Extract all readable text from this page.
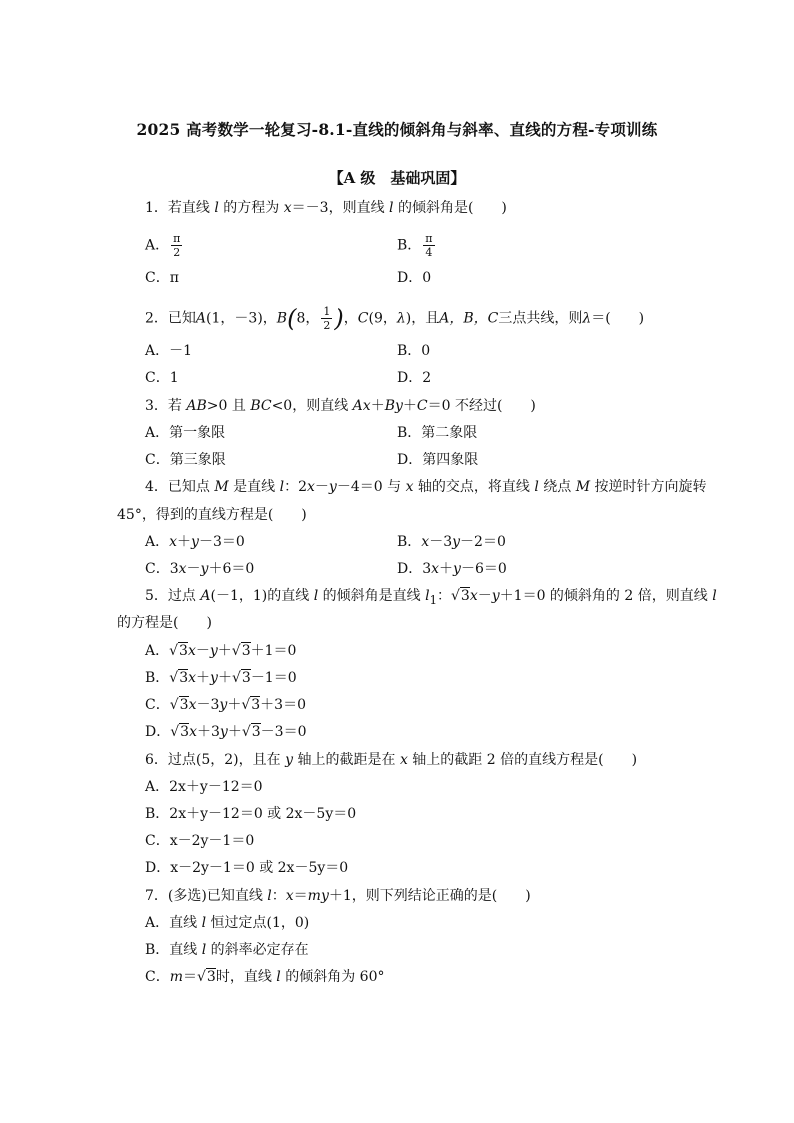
2025 高考数学一轮复习-8.1-直线的倾斜角与斜率、直线的方程-专项训练
【A 级　基础巩固】
1．若直线 l 的方程为 x＝－3，则直线 l 的倾斜角是(　　)
A． $\frac{\pi}{2}$	B． $\frac{\pi}{4}$
C．π	D．0
2．已知A(1，－3)，B(8， $\frac{1}{2}$ )，C(9，λ)，且A，B，C三点共线，则λ＝(　　)
A．－1	B．0
C．1	D．2
3．若 AB>0 且 BC<0，则直线 Ax＋By＋C＝0 不经过(　　)
A．第一象限	B．第二象限
C．第三象限	D．第四象限
4．已知点 M 是直线 l：2x－y－4＝0 与 x 轴的交点，将直线 l 绕点 M 按逆时针方向旋转
45°，得到的直线方程是(　　)
A．x＋y－3＝0	B．x－3y－2＝0
C．3x－y＋6＝0	D．3x＋y－6＝0
5．过点 A(－1，1)的直线 l 的倾斜角是直线 $l_1$：√3x－y＋1＝0 的倾斜角的 2 倍，则直线 l
的方程是(　　)
A．√3x－y＋√3＋1＝0
B．√3x＋y＋√3－1＝0
C．√3x－3y＋√3＋3＝0
D．√3x＋3y＋√3－3＝0
6．过点(5，2)，且在 y 轴上的截距是在 x 轴上的截距 2 倍的直线方程是(　　)
A．2x＋y－12＝0
B．2x＋y－12＝0 或 2x－5y＝0
C．x－2y－1＝0
D．x－2y－1＝0 或 2x－5y＝0
7．(多选)已知直线 l：x＝my＋1，则下列结论正确的是(　　)
A．直线 l 恒过定点(1，0)
B．直线 l 的斜率必定存在
C．m＝√3时，直线 l 的倾斜角为 60°
